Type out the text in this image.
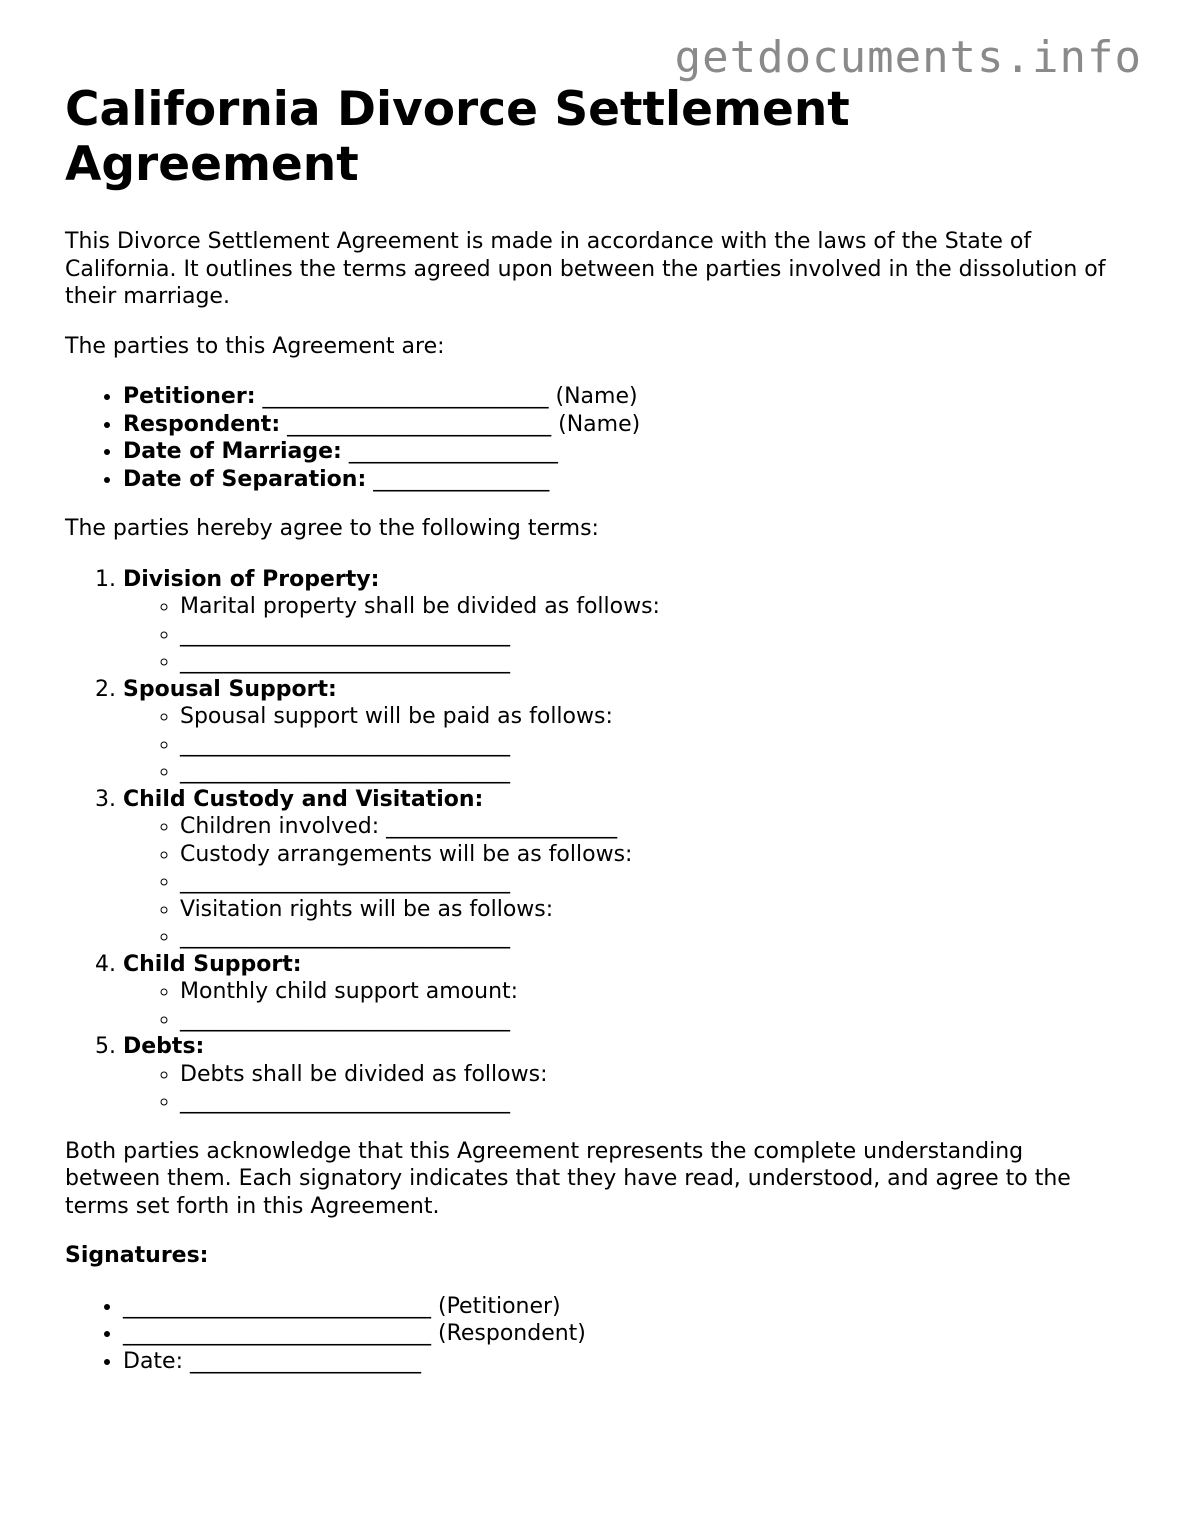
getdocuments.info
California Divorce Settlement Agreement

This Divorce Settlement Agreement is made in accordance with the laws of the State of California. It outlines the terms agreed upon between the parties involved in the dissolution of their marriage.

The parties to this Agreement are:

• Petitioner: __________________________ (Name)
• Respondent: ________________________ (Name)
• Date of Marriage: ___________________
• Date of Separation: ________________

The parties hereby agree to the following terms:

1. Division of Property:
◦ Marital property shall be divided as follows:
◦ ______________________________
◦ ______________________________
2. Spousal Support:
◦ Spousal support will be paid as follows:
◦ ______________________________
◦ ______________________________
3. Child Custody and Visitation:
◦ Children involved: _____________________
◦ Custody arrangements will be as follows:
◦ ______________________________
◦ Visitation rights will be as follows:
◦ ______________________________
4. Child Support:
◦ Monthly child support amount:
◦ ______________________________
5. Debts:
◦ Debts shall be divided as follows:
◦ ______________________________

Both parties acknowledge that this Agreement represents the complete understanding between them. Each signatory indicates that they have read, understood, and agree to the terms set forth in this Agreement.

Signatures:
• ____________________________ (Petitioner)
• ____________________________ (Respondent)
• Date: _____________________
